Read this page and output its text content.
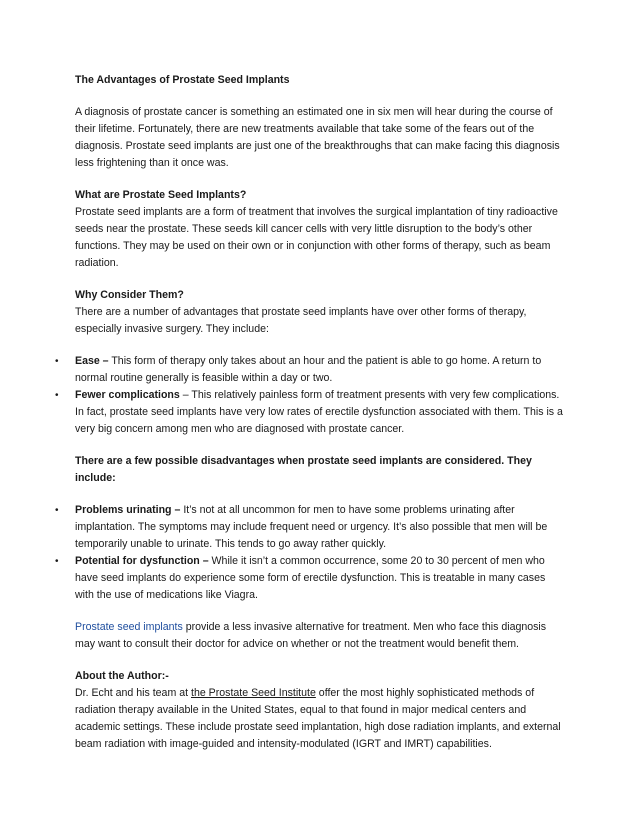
The Advantages of Prostate Seed Implants

A diagnosis of prostate cancer is something an estimated one in six men will hear during the course of their lifetime. Fortunately, there are new treatments available that take some of the fears out of the diagnosis. Prostate seed implants are just one of the breakthroughs that can make facing this diagnosis less frightening than it once was.

What are Prostate Seed Implants?

Prostate seed implants are a form of treatment that involves the surgical implantation of tiny radioactive seeds near the prostate. These seeds kill cancer cells with very little disruption to the body’s other functions. They may be used on their own or in conjunction with other forms of therapy, such as beam radiation.

Why Consider Them?

There are a number of advantages that prostate seed implants have over other forms of therapy, especially invasive surgery. They include:

• Ease – This form of therapy only takes about an hour and the patient is able to go home. A return to normal routine generally is feasible within a day or two.
• Fewer complications – This relatively painless form of treatment presents with very few complications. In fact, prostate seed implants have very low rates of erectile dysfunction associated with them. This is a very big concern among men who are diagnosed with prostate cancer.

There are a few possible disadvantages when prostate seed implants are considered. They include:

• Problems urinating – It’s not at all uncommon for men to have some problems urinating after implantation. The symptoms may include frequent need or urgency. It’s also possible that men will be temporarily unable to urinate. This tends to go away rather quickly.
• Potential for dysfunction – While it isn’t a common occurrence, some 20 to 30 percent of men who have seed implants do experience some form of erectile dysfunction. This is treatable in many cases with the use of medications like Viagra.

Prostate seed implants provide a less invasive alternative for treatment. Men who face this diagnosis may want to consult their doctor for advice on whether or not the treatment would benefit them.

About the Author:-

Dr. Echt and his team at the Prostate Seed Institute offer the most highly sophisticated methods of radiation therapy available in the United States, equal to that found in major medical centers and academic settings. These include prostate seed implantation, high dose radiation implants, and external beam radiation with image-guided and intensity-modulated (IGRT and IMRT) capabilities.
